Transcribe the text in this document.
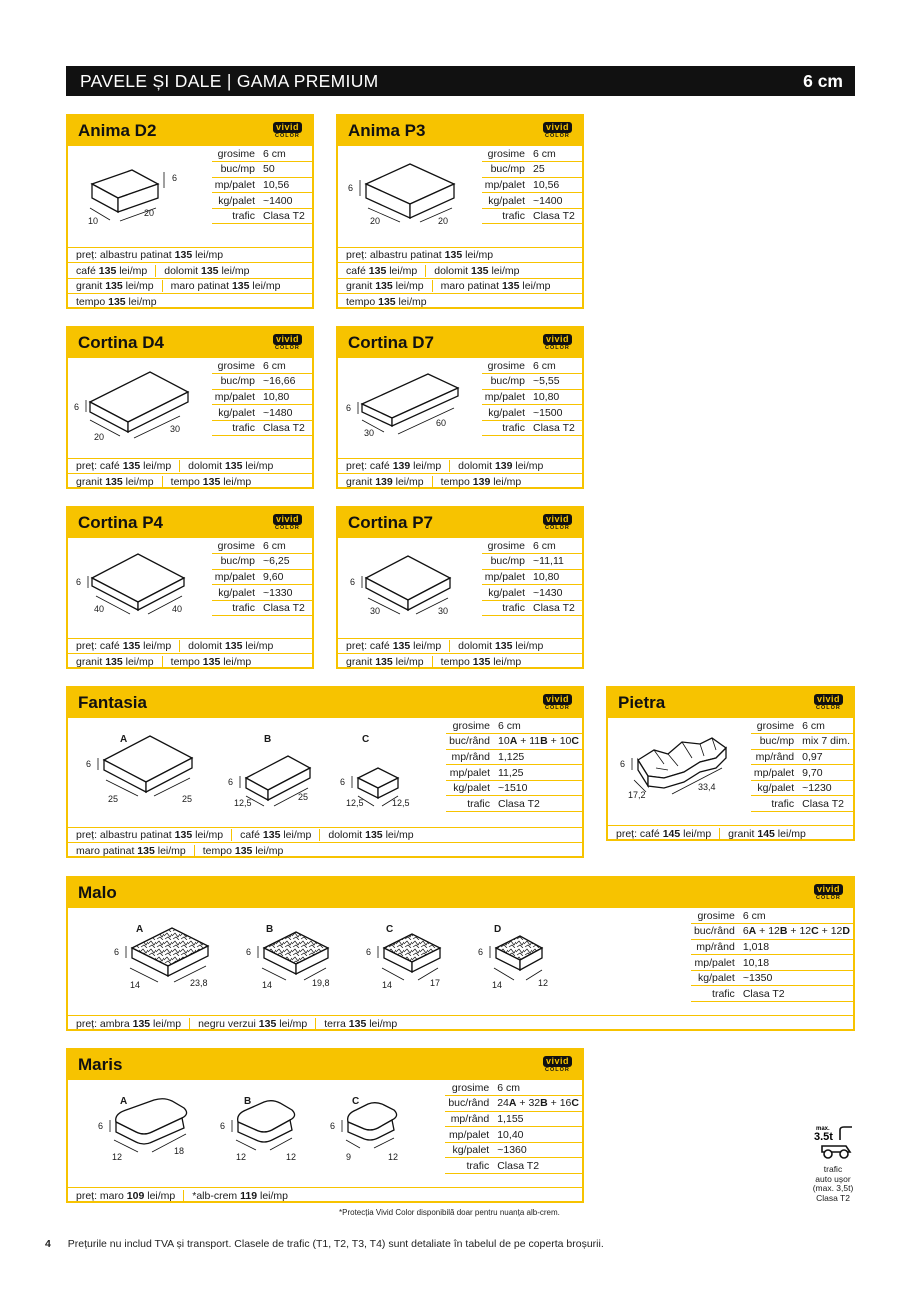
PAVELE ȘI DALE | GAMA PREMIUM	6 cm
Anima D2	vivid
COLOR
grosime	6 cm
buc/mp	50
mp/palet	10,56
kg/palet	~1400
trafic	Clasa T2
6
10
20
preț: albastru patinat 135 lei/mp
café 135 lei/mp	dolomit 135 lei/mp
granit 135 lei/mp	maro patinat 135 lei/mp
tempo 135 lei/mp
Anima P3	vivid
COLOR
grosime	6 cm
buc/mp	25
mp/palet	10,56
kg/palet	~1400
trafic	Clasa T2
6
20	20
preț: albastru patinat 135 lei/mp
café 135 lei/mp	dolomit 135 lei/mp
granit 135 lei/mp	maro patinat 135 lei/mp
tempo 135 lei/mp
Cortina D4	vivid
COLOR
grosime	6 cm
buc/mp	~16,66
mp/palet	10,80
kg/palet	~1480
trafic	Clasa T2
6
20
30
preț: café 135 lei/mp	dolomit 135 lei/mp
granit 135 lei/mp	tempo 135 lei/mp
Cortina D7	vivid
COLOR
grosime	6 cm
buc/mp	~5,55
mp/palet	10,80
kg/palet	~1500
trafic	Clasa T2
6
30
60
preț: café 139 lei/mp	dolomit 139 lei/mp
granit 139 lei/mp	tempo 139 lei/mp
Cortina P4	vivid
COLOR
grosime	6 cm
buc/mp	~6,25
mp/palet	9,60
kg/palet	~1330
trafic	Clasa T2
6
40	40
preț: café 135 lei/mp	dolomit 135 lei/mp
granit 135 lei/mp	tempo 135 lei/mp
Cortina P7	vivid
COLOR
grosime	6 cm
buc/mp	~11,11
mp/palet	10,80
kg/palet	~1430
trafic	Clasa T2
6
30	30
preț: café 135 lei/mp	dolomit 135 lei/mp
granit 135 lei/mp	tempo 135 lei/mp
Fantasia	vivid
COLOR
grosime	6 cm
buc/rând	10A + 11B + 10C
mp/rând	1,125
mp/palet	11,25
kg/palet	~1510
trafic	Clasa T2
A	B	C
6
25	25
6
12,5
25
6
12,5	12,5
preț: albastru patinat 135 lei/mp	café 135 lei/mp	dolomit 135 lei/mp
maro patinat 135 lei/mp	tempo 135 lei/mp
Pietra	vivid
COLOR
grosime	6 cm
buc/mp	mix 7 dim.
mp/rând	0,97
mp/palet	9,70
kg/palet	~1230
trafic	Clasa T2
6
17,2
33,4
preț: café 145 lei/mp	granit 145 lei/mp
Malo	vivid
COLOR
grosime	6 cm
buc/rând	6A + 12B + 12C + 12D
mp/rând	1,018
mp/palet	10,18
kg/palet	~1350
trafic	Clasa T2
A	B	C	D
6
14	23,8
6
14	19,8
6
14	17
6
14	12
preț: ambra 135 lei/mp	negru verzui 135 lei/mp	terra 135 lei/mp
Maris	vivid
COLOR
grosime	6 cm
buc/rând	24A + 32B + 16C
mp/rând	1,155
mp/palet	10,40
kg/palet	~1360
trafic	Clasa T2
A	B	C
6
12
18
6
12	12
6
9	12
preț: maro 109 lei/mp	*alb-crem 119 lei/mp
*Protecția Vivid Color disponibilă doar pentru nuanța alb-crem.
max.
3.5t
trafic
auto ușor
(max. 3,5t)
Clasa T2
4 Prețurile nu includ TVA și transport. Clasele de trafic (T1, T2, T3, T4) sunt detaliate în tabelul de pe coperta broșurii.
